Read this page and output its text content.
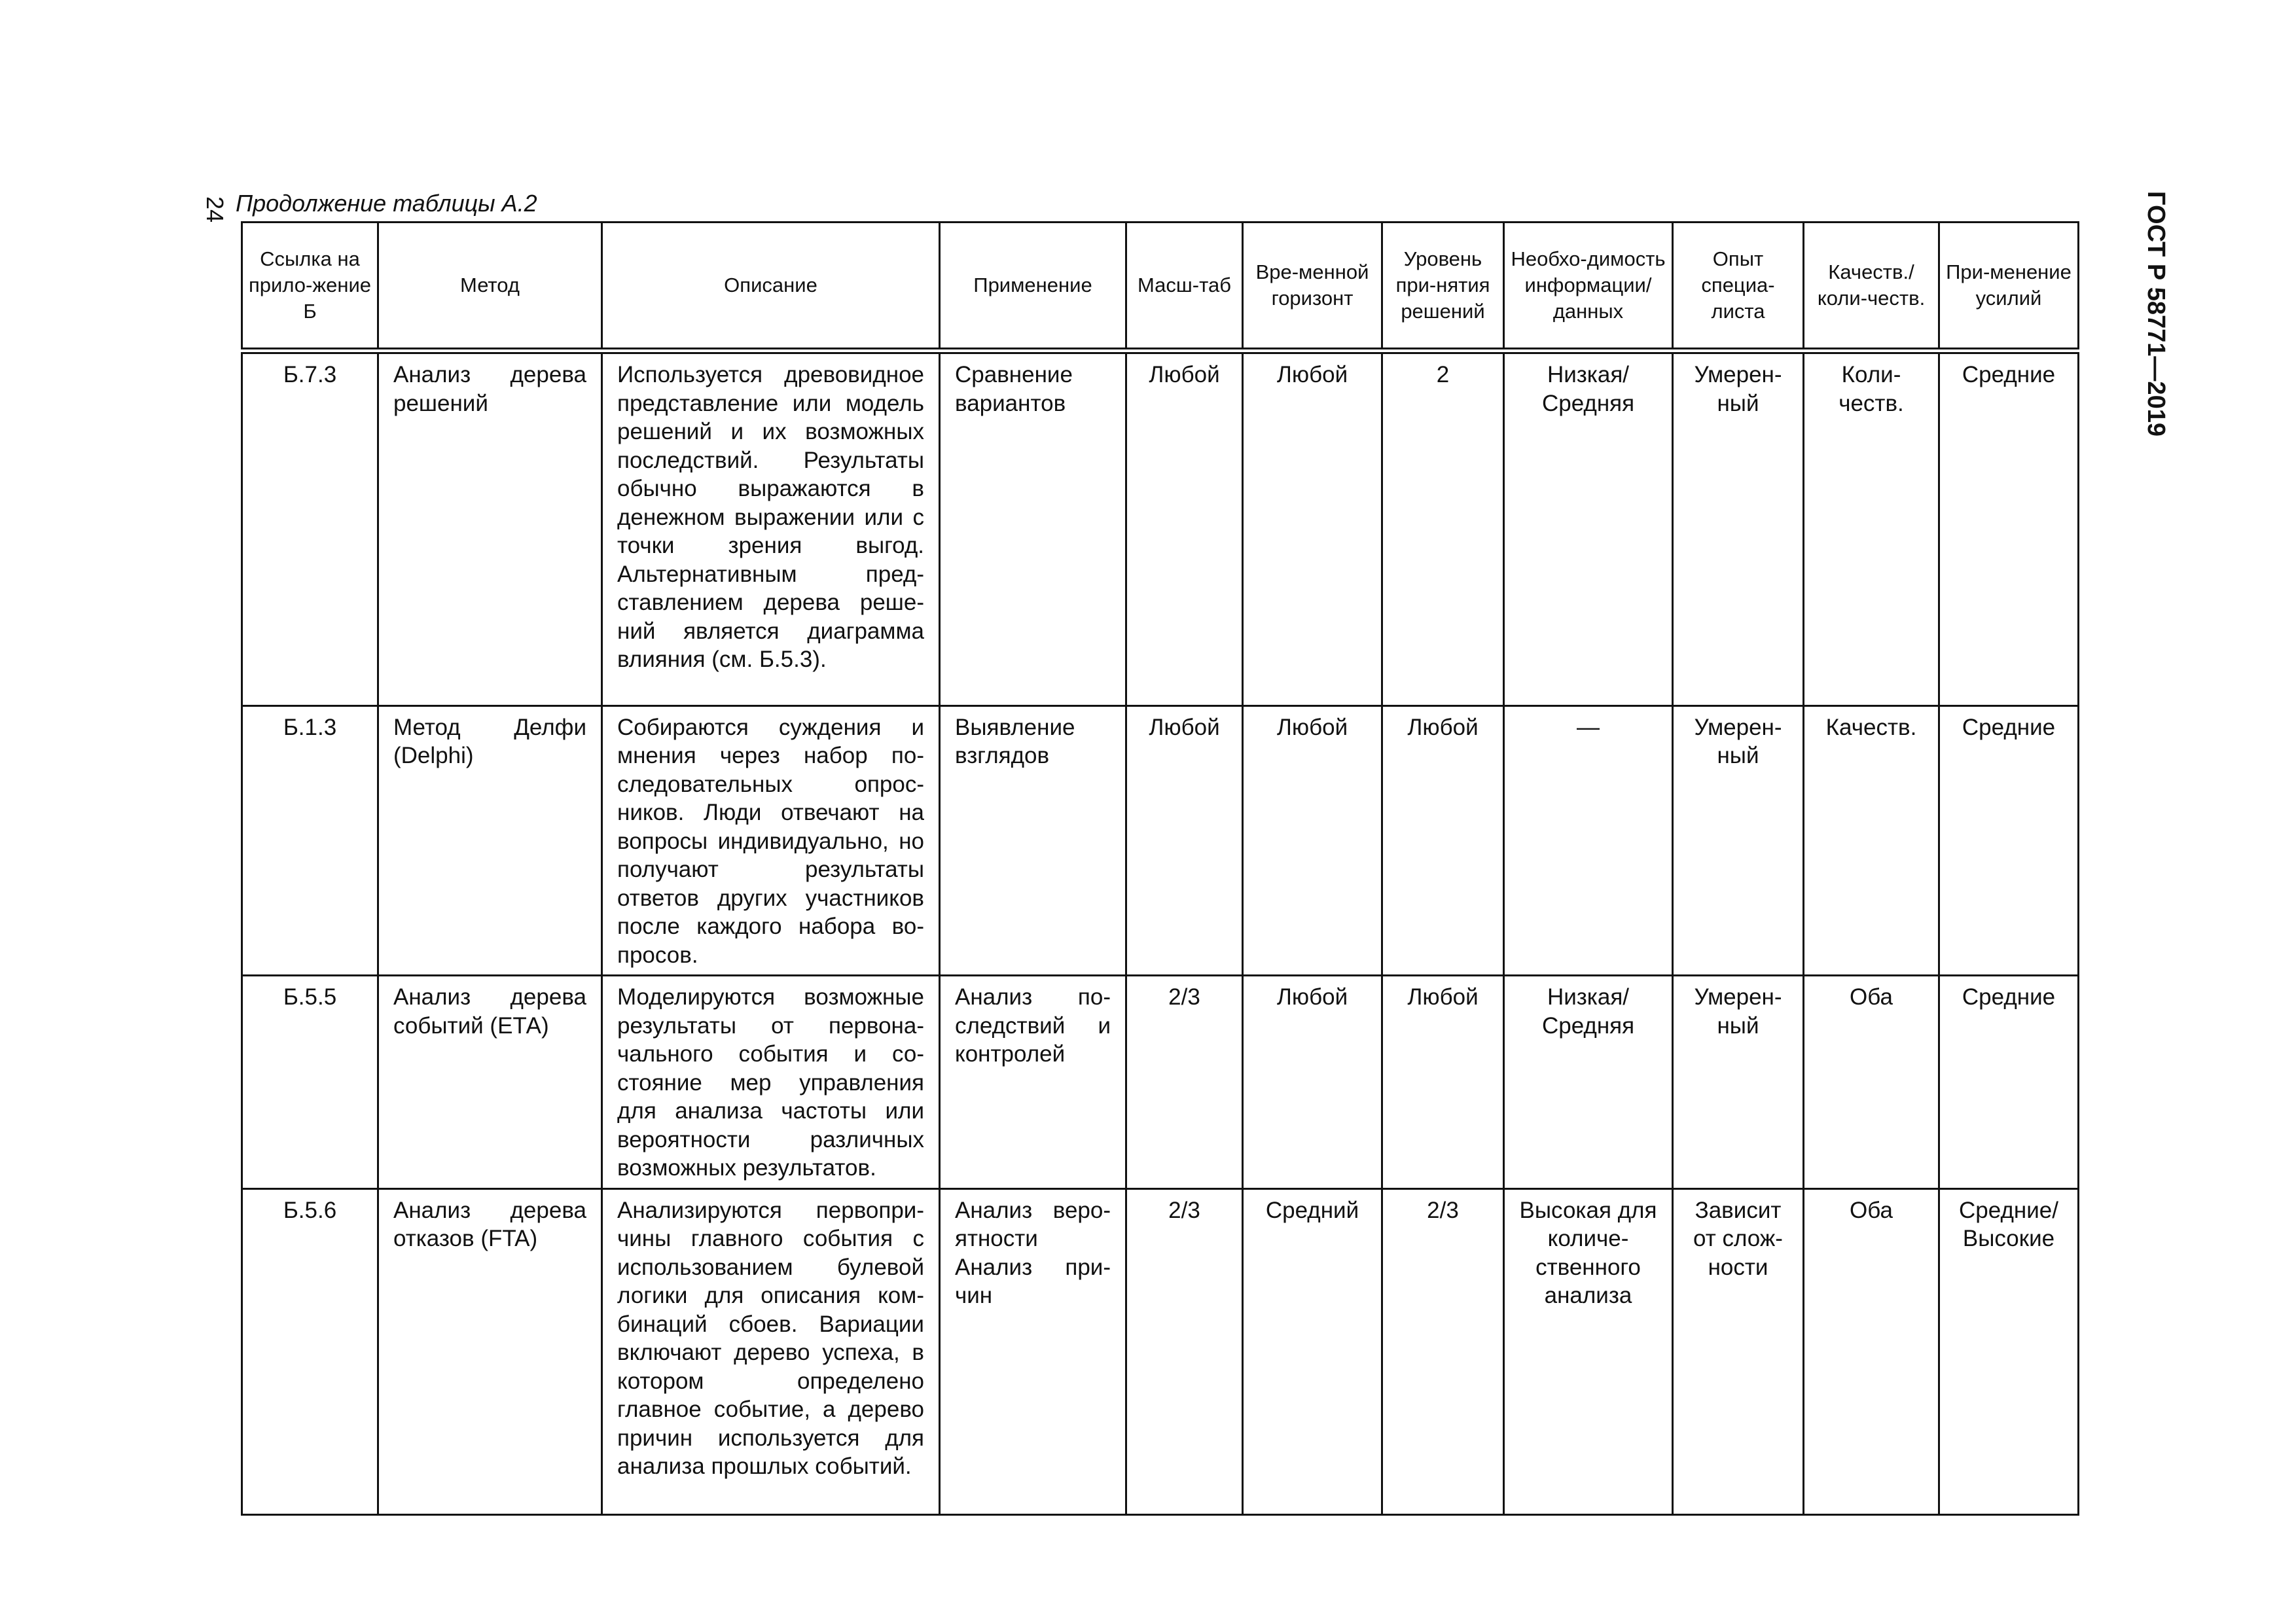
24	ГОСТ Р 58771—2019
Продолжение таблицы А.2
Ссылка на прило-жение Б	Метод	Описание	Применение	Масш-таб	Вре-менной горизонт	Уровень при-нятия решений	Необхо-димость информации/ данных	Опыт специа-листа	Качеств./ коли-честв.	При-менение усилий
Б.7.3	Анализ дерева решений	Используется древовидное представление или модель решений и их возможных последствий. Результаты обычно выражаются в денежном выражении или с точки зрения выгод. Альтернативным представлением дерева решений является диаграмма влияния (см. Б.5.3).	Сравнение вариантов	Любой	Любой	2	Низкая/ Средняя	Умеренный	Количеств.	Средние
Б.1.3	Метод Делфи (Delphi)	Собираются суждения и мнения через набор последовательных опросников. Люди отвечают на вопросы индивидуально, но получают результаты ответов других участников после каждого набора вопросов.	Выявление взглядов	Любой	Любой	Любой	—	Умеренный	Качеств.	Средние
Б.5.5	Анализ дерева событий (ЕТА)	Моделируются возможные результаты от первоначального события и состояние мер управления для анализа частоты или вероятности различных возможных результатов.	Анализ последствий и контролей	2/3	Любой	Любой	Низкая/ Средняя	Умеренный	Оба	Средние
Б.5.6	Анализ дерева отказов (FTA)	Анализируются первопричины главного события с использованием булевой логики для описания комбинаций сбоев. Вариации включают дерево успеха, в котором определено главное событие, а дерево причин используется для анализа прошлых событий.	Анализ вероятности Анализ причин	2/3	Средний	2/3	Высокая для количественного анализа	Зависит от сложности	Оба	Средние/ Высокие
